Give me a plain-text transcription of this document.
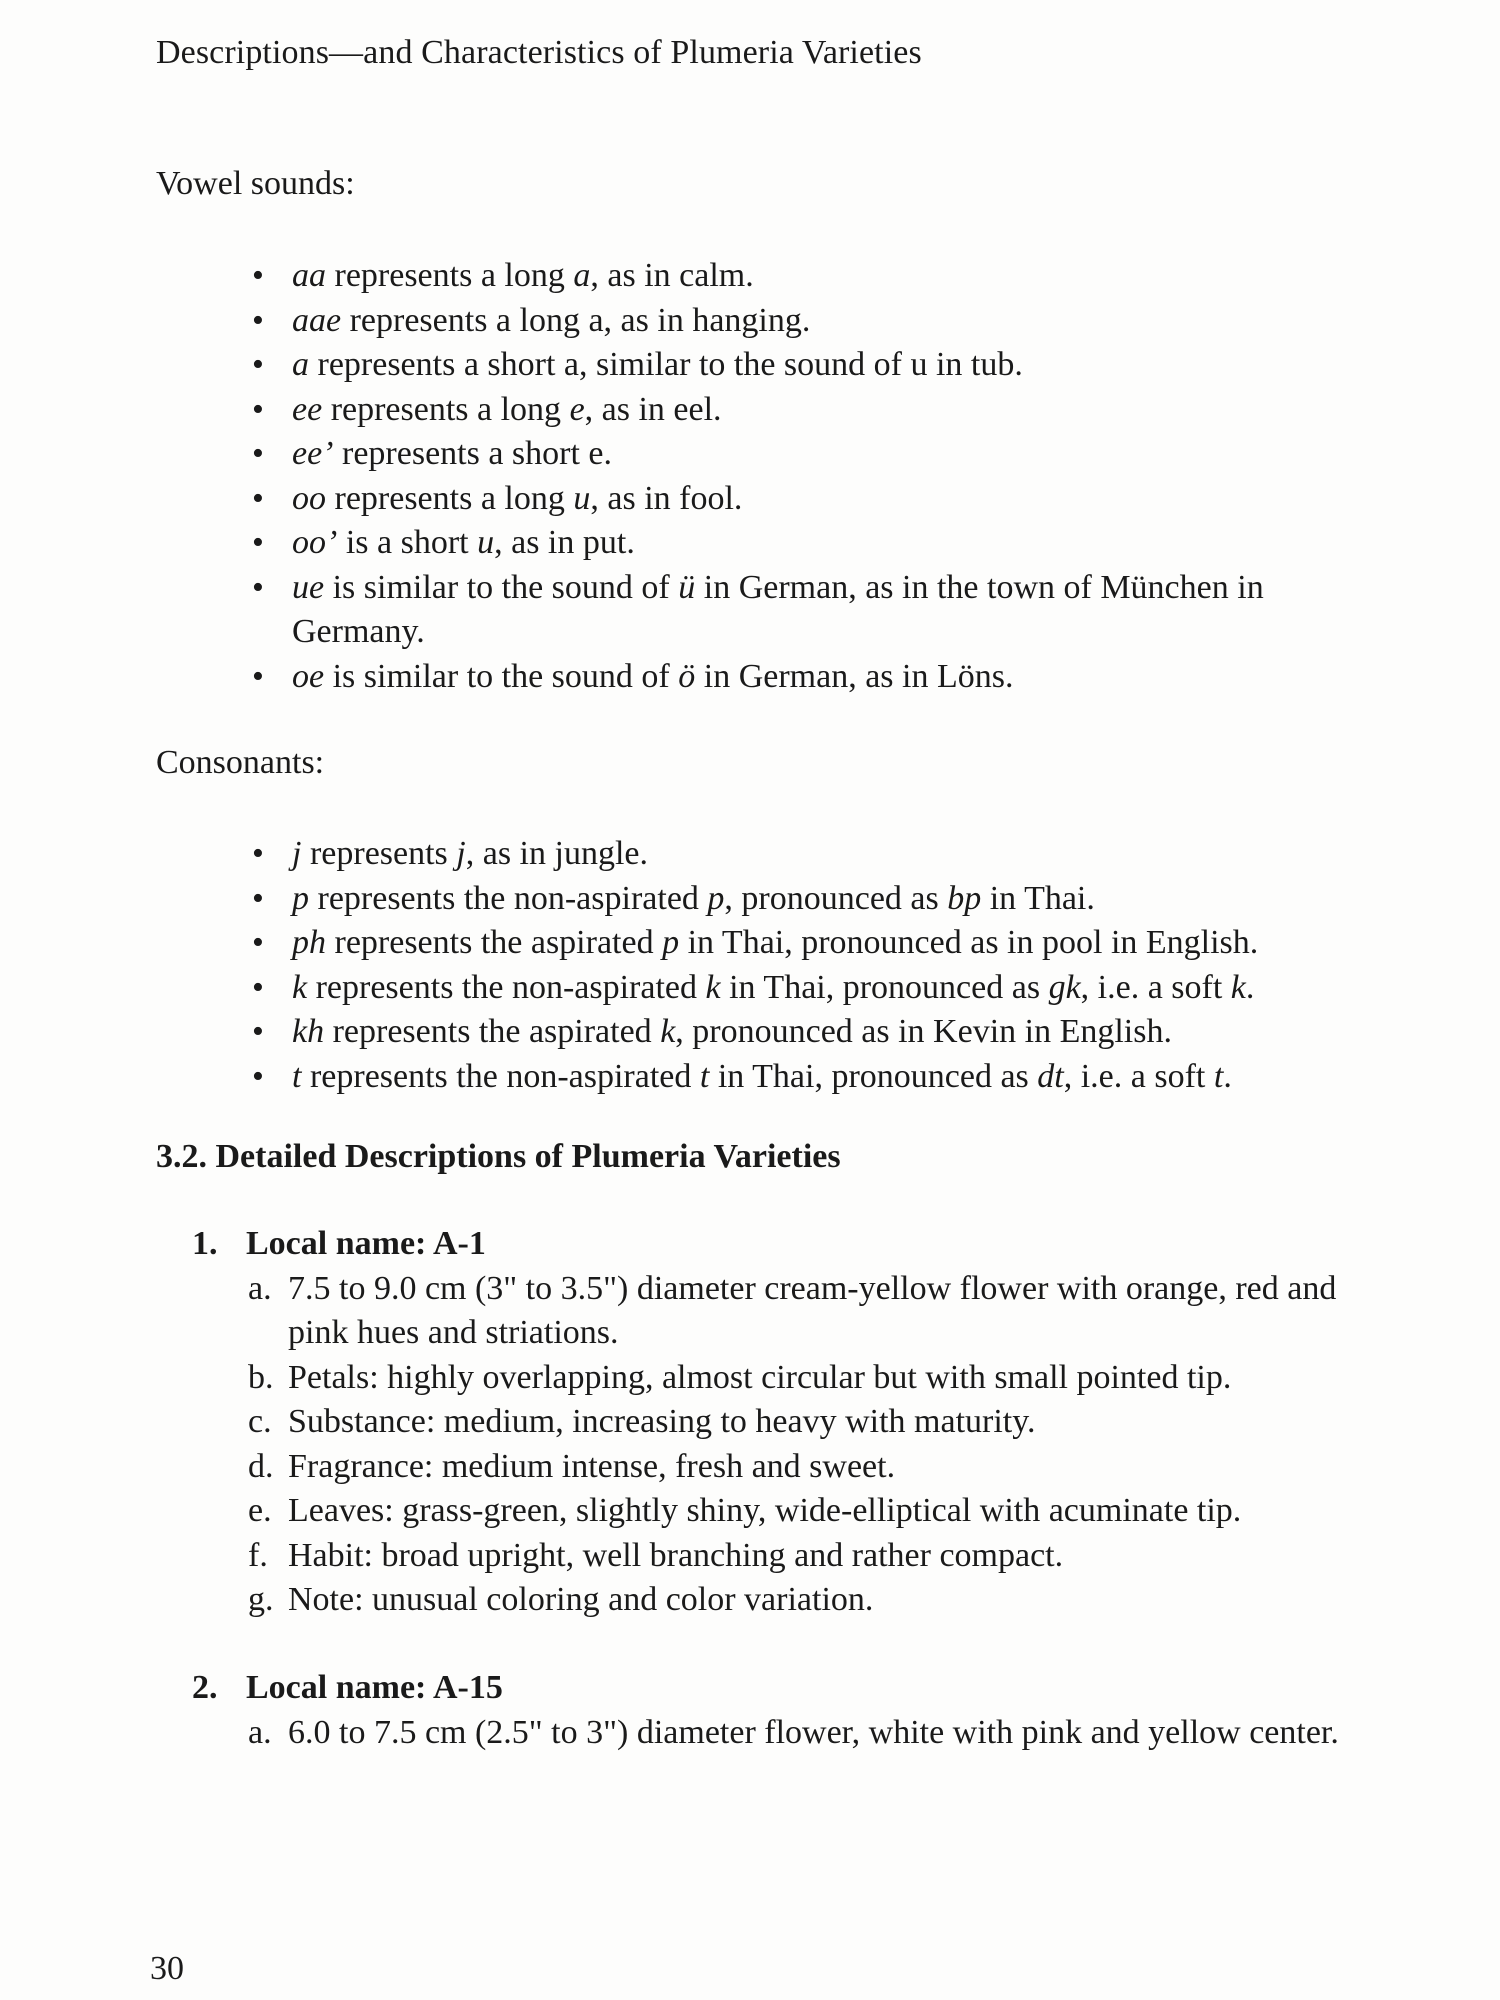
Descriptions—and Characteristics of Plumeria Varieties
Vowel sounds:
• aa represents a long a, as in calm.
• aae represents a long a, as in hanging.
• a represents a short a, similar to the sound of u in tub.
• ee represents a long e, as in eel.
• ee’ represents a short e.
• oo represents a long u, as in fool.
• oo’ is a short u, as in put.
• ue is similar to the sound of ü in German, as in the town of München in Germany.
• oe is similar to the sound of ö in German, as in Löns.
Consonants:
• j represents j, as in jungle.
• p represents the non-aspirated p, pronounced as bp in Thai.
• ph represents the aspirated p in Thai, pronounced as in pool in English.
• k represents the non-aspirated k in Thai, pronounced as gk, i.e. a soft k.
• kh represents the aspirated k, pronounced as in Kevin in English.
• t represents the non-aspirated t in Thai, pronounced as dt, i.e. a soft t.
3.2. Detailed Descriptions of Plumeria Varieties
1. Local name: A-1
a. 7.5 to 9.0 cm (3" to 3.5") diameter cream-yellow flower with orange, red and pink hues and striations.
b. Petals: highly overlapping, almost circular but with small pointed tip.
c. Substance: medium, increasing to heavy with maturity.
d. Fragrance: medium intense, fresh and sweet.
e. Leaves: grass-green, slightly shiny, wide-elliptical with acuminate tip.
f. Habit: broad upright, well branching and rather compact.
g. Note: unusual coloring and color variation.
2. Local name: A-15
a. 6.0 to 7.5 cm (2.5" to 3") diameter flower, white with pink and yellow center.
30
